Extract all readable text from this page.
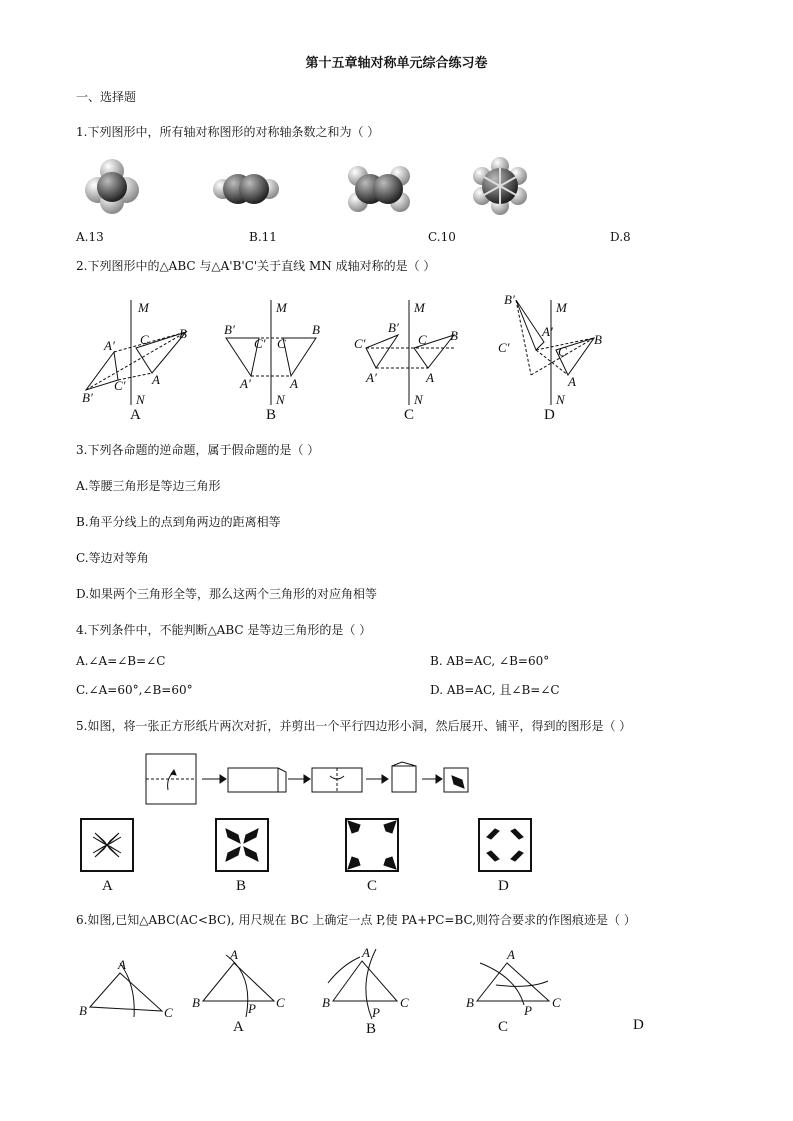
第十五章轴对称单元综合练习卷
一、选择题
1.下列图形中，所有轴对称图形的对称轴条数之和为（ ）
A.13	B.11	C.10	D.8
2.下列图形中的△ABC 与△A'B'C'关于直线 MN 成轴对称的是（ ）
M
N
B
C
A
A′
C′
B′
M
N
B′	B
C′ C
A′	A
M
N
B
C
A
C′
B′
A′
M
N
B′
A′
C′
B
C
A
A	B	C	D
3.下列各命题的逆命题，属于假命题的是（ ）
A.等腰三角形是等边三角形
B.角平分线上的点到角两边的距离相等
C.等边对等角
D.如果两个三角形全等，那么这两个三角形的对应角相等
4.下列条件中，不能判断△ABC 是等边三角形的是（ ）
A.∠A=∠B=∠C	B. AB=AC, ∠B=60°
C.∠A=60°,∠B=60°	D. AB=AC, 且∠B=∠C
5.如图，将一张正方形纸片两次对折，并剪出一个平行四边形小洞，然后展开、铺平，得到的图形是（ ）
A	B	C	D
6.如图,已知△ABC(AC<BC), 用尺规在 BC 上确定一点 P,使 PA+PC=BC,则符合要求的作图痕迹是（ ）
B
A
C
B
A
C
P	B
A
C
P
B
A
C
P
A	B	C	D
